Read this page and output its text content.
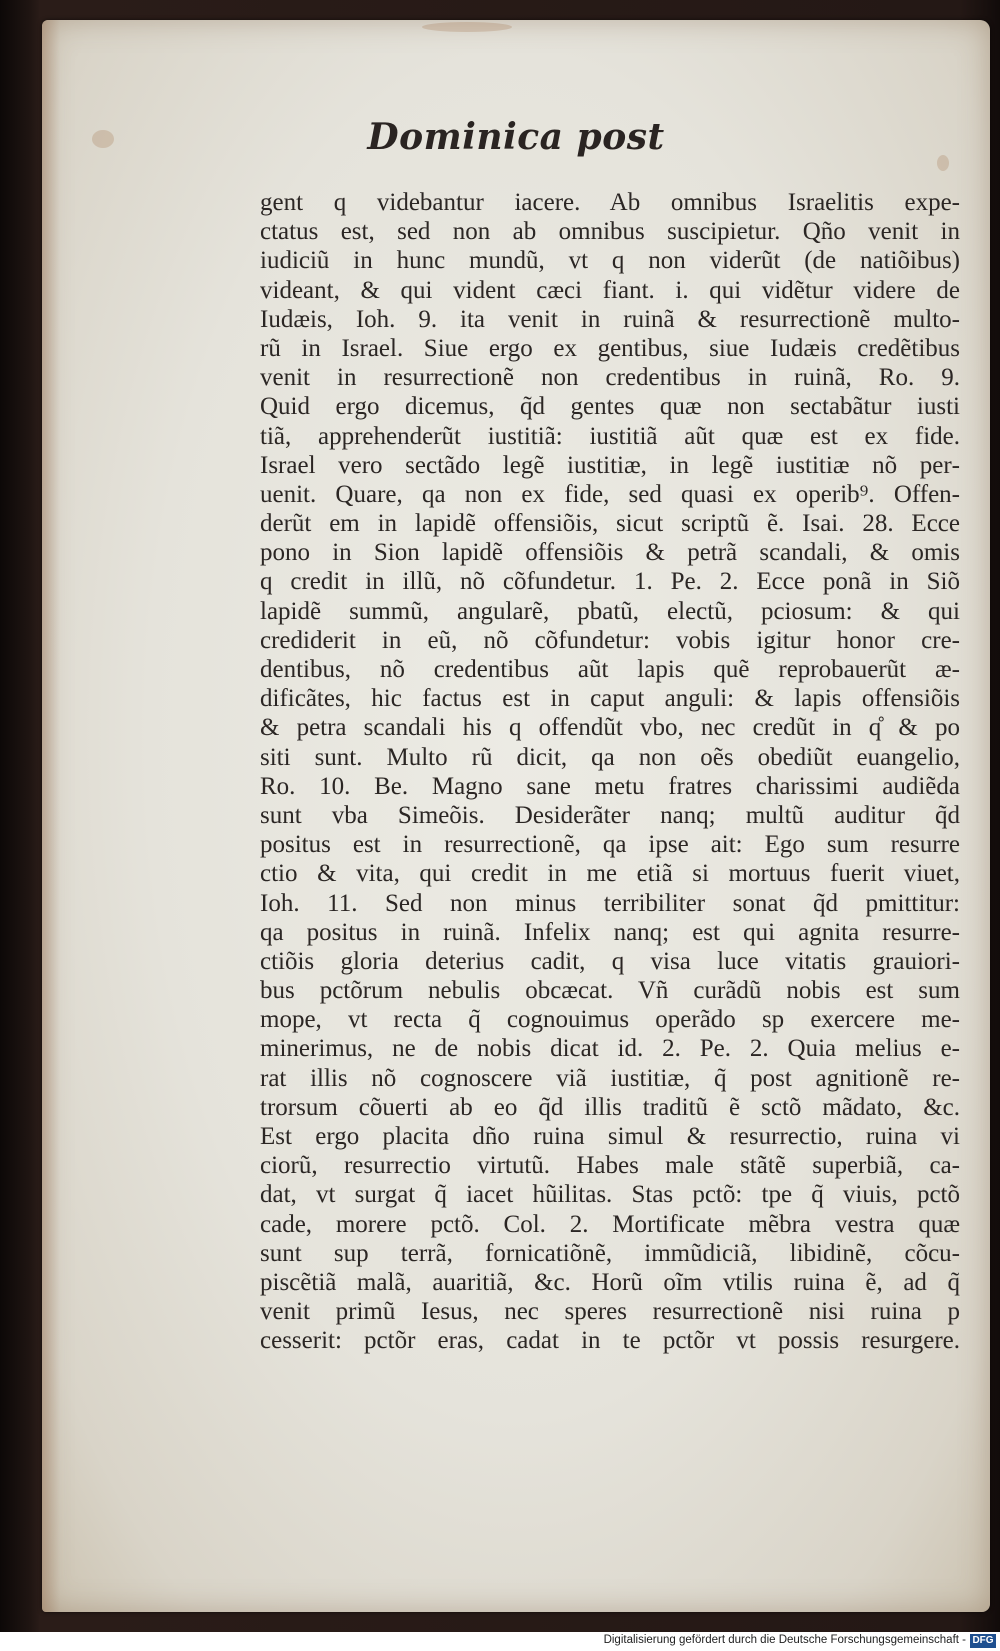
Dominica post
gent q videbantur iacere. Ab omnibus Israelitis expe‑
ctatus est, sed non ab omnibus suscipietur. Qño venit in
iudiciũ in hunc mundũ, vt q non viderũt (de natiõibus)
videant, & qui vident cæci fiant. i. qui vidẽtur videre de
Iudæis, Ioh. 9. ita venit in ruinã & resurrectionẽ multo‑
rũ in Israel. Siue ergo ex gentibus, siue Iudæis credẽtibus
venit in resurrectionẽ non credentibus in ruinã, Ro. 9.
Quid ergo dicemus, q̃d gentes quæ non sectabãtur iusti
tiã, apprehenderũt iustitiã: iustitiã aũt quæ est ex fide.
Israel vero sectãdo legẽ iustitiæ, in legẽ iustitiæ nõ per‑
uenit. Quare, qa non ex fide, sed quasi ex operib⁹. Offen‑
derũt em in lapidẽ offensiõis, sicut scriptũ ẽ. Isai. 28. Ecce
pono in Sion lapidẽ offensiõis & petrã scandali, & omis
q credit in illũ, nõ cõfundetur. 1. Pe. 2. Ecce ponã in Siõ
lapidẽ summũ, angularẽ, pbatũ, electũ, pciosum: & qui
crediderit in eũ, nõ cõfundetur: vobis igitur honor cre‑
dentibus, nõ credentibus aũt lapis quẽ reprobauerũt æ‑
dificãtes, hic factus est in caput anguli: & lapis offensiõis
& petra scandali his q offendũt vbo, nec credũt in q̊ & po
siti sunt. Multo rũ dicit, qa non oẽs obediũt euangelio,
Ro. 10. Be. Magno sane metu fratres charissimi audiẽda
sunt vba Simeõis. Desiderãter nanq; multũ auditur q̃d
positus est in resurrectionẽ, qa ipse ait: Ego sum resurre
ctio & vita, qui credit in me etiã si mortuus fuerit viuet,
Ioh. 11. Sed non minus terribiliter sonat q̃d pmittitur:
qa positus in ruinã. Infelix nanq; est qui agnita resurre‑
ctiõis gloria deterius cadit, q visa luce vitatis grauiori‑
bus pctõrum nebulis obcæcat. Vñ curãdũ nobis est sum
mope, vt recta q̃ cognouimus operãdo sp exercere me‑
minerimus, ne de nobis dicat id. 2. Pe. 2. Quia melius e‑
rat illis nõ cognoscere viã iustitiæ, q̃ post agnitionẽ re‑
trorsum cõuerti ab eo q̃d illis traditũ ẽ sctõ mãdato, &c.
Est ergo placita dño ruina simul & resurrectio, ruina vi
ciorũ, resurrectio virtutũ. Habes male stãtẽ superbiã, ca‑
dat, vt surgat q̃ iacet hũilitas. Stas pctõ: tpe q̃ viuis, pctõ
cade, morere pctõ. Col. 2. Mortificate mẽbra vestra quæ
sunt sup terrã, fornicatiõnẽ, immũdiciã, libidinẽ, cõcu‑
piscẽtiã malã, auaritiã, &c. Horũ oĩm vtilis ruina ẽ, ad q̃
venit primũ Iesus, nec speres resurrectionẽ nisi ruina p
cesserit: pctõr eras, cadat in te pctõr vt possis resurgere.
Digitalisierung gefördert durch die Deutsche Forschungsgemeinschaft - DFG
